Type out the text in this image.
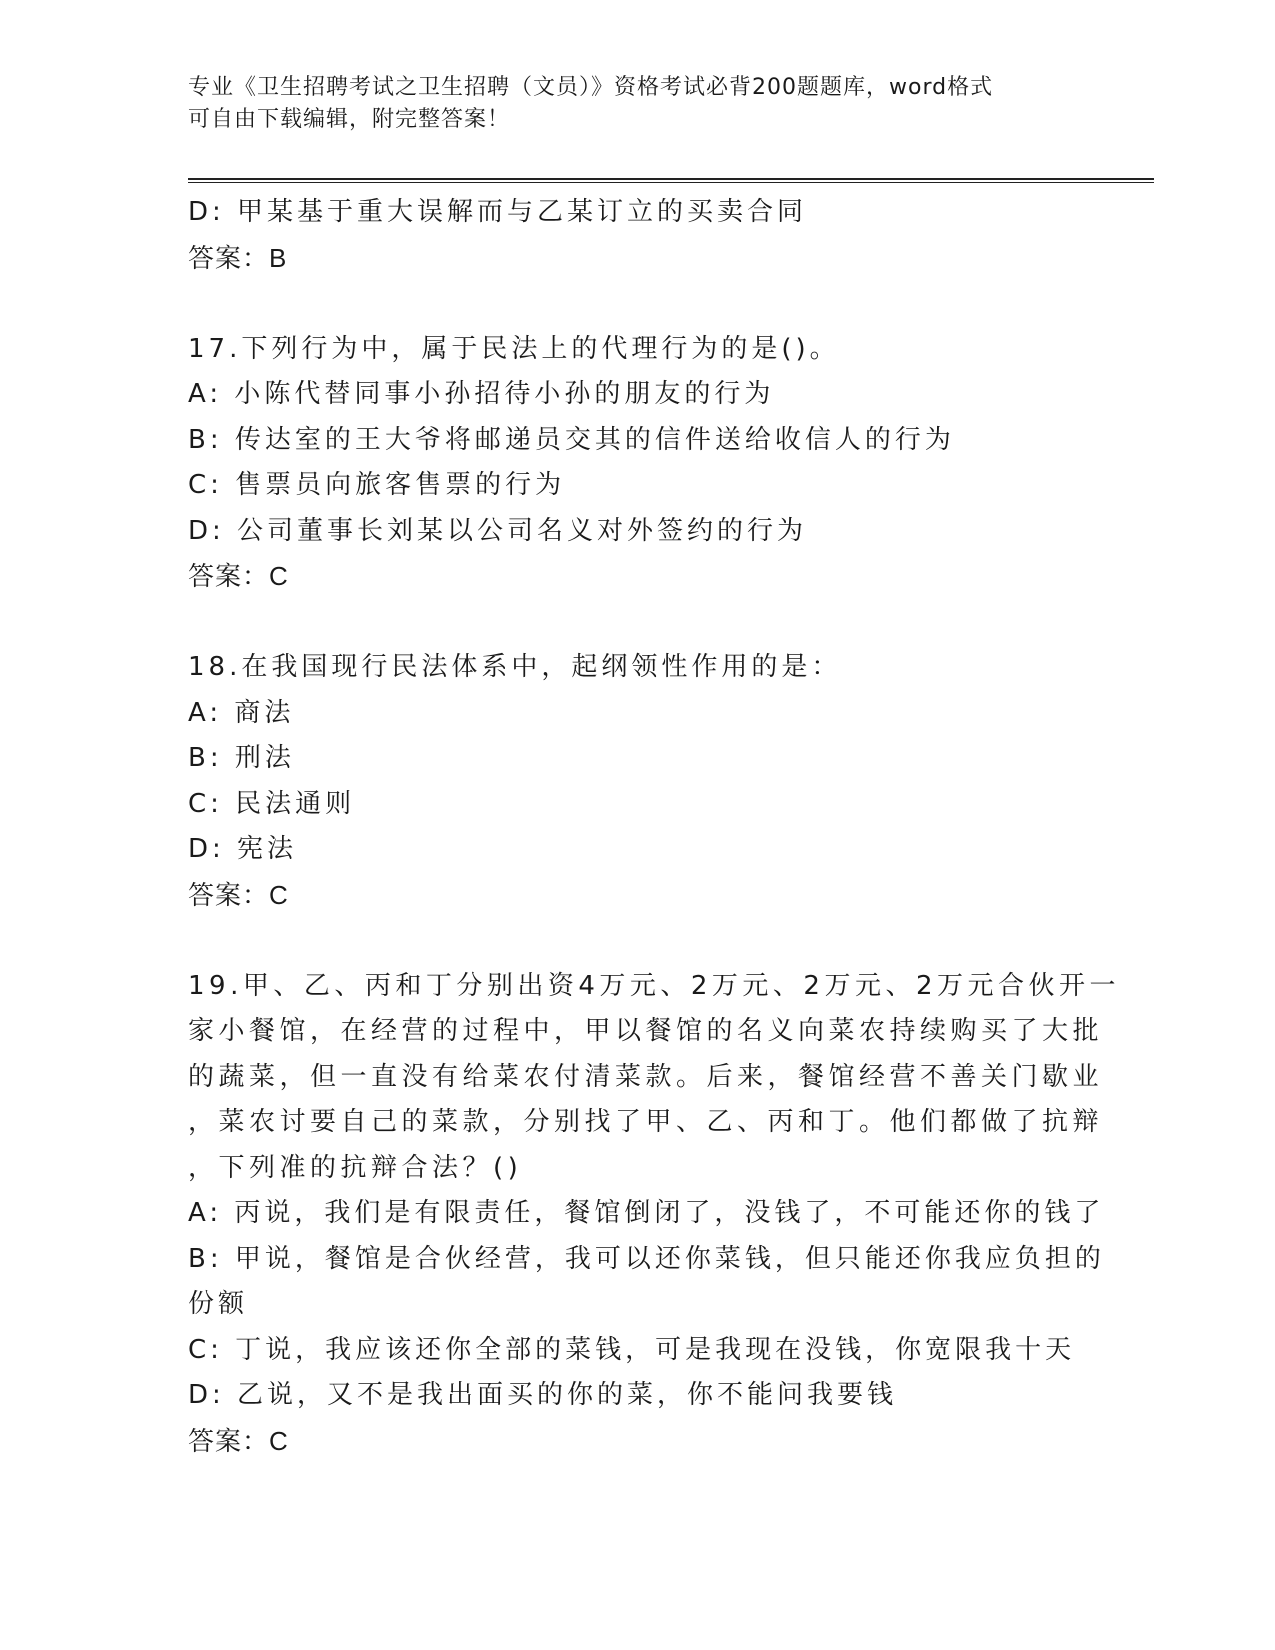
专业《卫生招聘考试之卫生招聘（文员）》资格考试必背200题题库，word格式
可自由下载编辑，附完整答案！
D: 甲某基于重大误解而与乙某订立的买卖合同
答案：B
17.下列行为中，属于民法上的代理行为的是()。
A: 小陈代替同事小孙招待小孙的朋友的行为
B: 传达室的王大爷将邮递员交其的信件送给收信人的行为
C: 售票员向旅客售票的行为
D: 公司董事长刘某以公司名义对外签约的行为
答案：C
18.在我国现行民法体系中，起纲领性作用的是：
A: 商法
B: 刑法
C: 民法通则
D: 宪法
答案：C
19.甲、乙、丙和丁分别出资4万元、2万元、2万元、2万元合伙开一
家小餐馆，在经营的过程中，甲以餐馆的名义向菜农持续购买了大批
的蔬菜，但一直没有给菜农付清菜款。后来，餐馆经营不善关门歇业
，菜农讨要自己的菜款，分别找了甲、乙、丙和丁。他们都做了抗辩
，下列准的抗辩合法？()
A: 丙说，我们是有限责任，餐馆倒闭了，没钱了，不可能还你的钱了
B: 甲说，餐馆是合伙经营，我可以还你菜钱，但只能还你我应负担的
份额
C: 丁说，我应该还你全部的菜钱，可是我现在没钱，你宽限我十天
D: 乙说，又不是我出面买的你的菜，你不能问我要钱
答案：C
